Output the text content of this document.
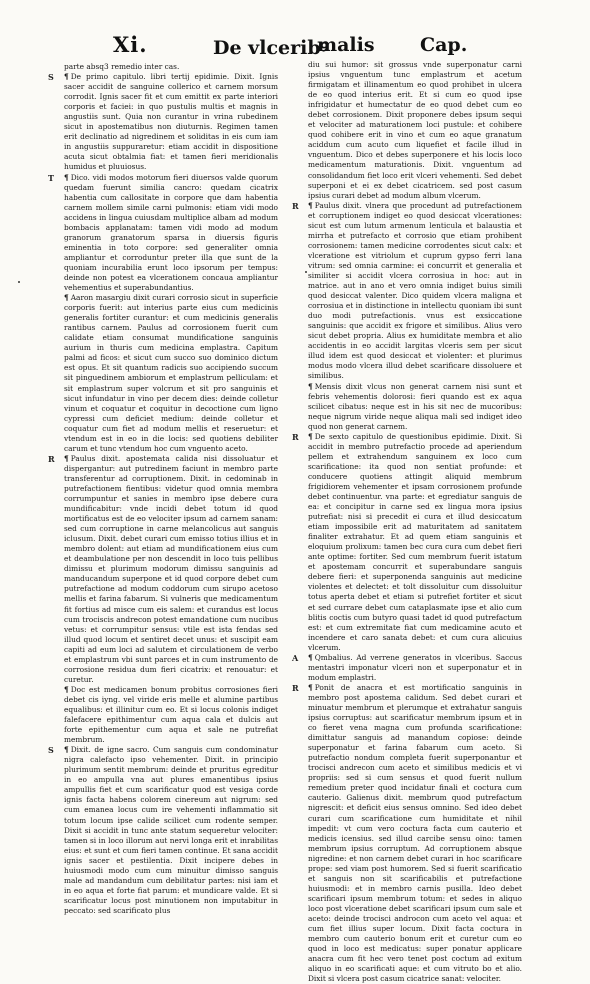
Xi.	De vlceribꝰ
malis Cap.

parte absq3 remedio inter cas.

S ¶ De primo capitulo. libri tertij epidimie. Dixit. Ignis sacer accidit de sanguine collerico et carnem morsum corrodit. Ignis sacer fit et cum emittit ex parte interiori corporis et faciei: in quo pustulis multis et magnis in angustiis sunt. Quia non curantur in vrina rubedinem sicut in apostematibus non diuturnis. Regimen tamen erit declinatio ad nigredinem et soliditas in eis cum iam in angustiis suppuraretur: etiam accidit in dispositione acuta sicut obtalmia fiat: et tamen fieri meridionalis humidus et pluuiosus.

T ¶ Dico. vidi modos motorum fieri diuersos valde quorum quedam fuerunt similia cancro: quedam cicatrix habentia cum callositate in corpore que dam habentia carnem mollem simile carni pulmonis: etiam vidi modo accidens in lingua cuiusdam multiplice albam ad modum bombacis applanatam: tamen vidi modo ad modum granorum granatorum sparsa in diuersis figuris eminentia in toto corpore: sed generaliter omnia ampliantur et corroduntur preter illa que sunt de la quoniam incurabilia erunt loco ipsorum per tempus: deinde non potest ea vlcerationem concaua ampliantur vehementius et superabundantius.

¶ Aaron masargiu dixit curari corrosio sicut in superficie corporis fuerit: aut interius parte eius cum medicinis generalis fortiter curantur: et cum medicinis generalis rantibus carnem. Paulus ad corrosionem fuerit cum calidate etiam consumat mundificatione sanguinis aurium in thuris cum medicina emplastra. Capitum palmi ad ficos: et sicut cum succo suo dominico dictum est opus. Et sit quantum radicis suo accipiendo succum sit pinguedinem ambiorum et emplastrum pelliculam: et sit emplastrum super volcrum et sit pro sanguinis et sicut infundatur in vino per decem dies: deinde colletur vinum et coquatur et coquitur in decoctione cum ligno cypressi cum deficiet medium: deinde colletur et coquatur cum fiet ad modum mellis et reseruetur: et vtendum est in eo in die locis: sed quotiens debiliter carum et tunc vtendum hoc cum vnguento aceto.

R ¶ Paulus dixit. apostemata calida nisi dissoluatur et dispergantur: aut putredinem faciunt in membro parte transferentur ad corruptionem. Dixit. in cedominab in putrefactionem fientibus: videtur quod omnia membra corrumpuntur et sanies in membro ipse debere cura mundificabitur: vnde incidi debet totum id quod mortificatus est de eo velociter ipsum ad carnem sanam: sed cum corruptione in carne melancolicus aut sanguis iclusum. Dixit. debet curari cum emisso totius illius et in membro dolent: aut etiam ad mundificationem eius cum et deambulatione per non descendit in loco tuis pellibus dimissu et plurimum modorum dimissu sanguinis ad manducandum superpone et id quod corpore debet cum putrefactione ad modum coddorum cum sirupo acetoso mellis et farina fabarum. Si vulneris que medicamentum fit fortius ad misce cum eis salem: et curandus est locus cum trociscis andrecon potest emandatione cum nucibus vetus: et corrumpitur sensus: vtile est ista fendas sed illud quod locum et sentiret decet unus: et suscipit eam capiti ad eum loci ad salutem et circulationem de verbo et emplastrum vbi sunt parces et in cum instrumento de corrosione residua dum fieri cicatrix: et renouatur: et curetur.

¶ Doc est medicamen bonum probitus corrosiones fieri debet cis iyng. vel viride eris melle et alumine partibus equalibus: et illinitur cum eo. Et si locus colonis indiget falefacere epithimentur cum aqua cala et dulcis aut forte epithementur cum aqua et sale ne putrefiat membrum.

S ¶ Dixit. de igne sacro. Cum sanguis cum condominatur nigra calefacto ipso vehementer. Dixit. in principio plurimum sentit membrum: deinde et pruritus egreditur in eo ampulla vna aut plures emanentibus ipsius ampullis fiet et cum scarificatur quod est vesiga corde ignis facta habens colorem cinereum aut nigrum: sed cum emanea locus cum ire vehementi inflammatio sit totum locum ipse calide scilicet cum rodente semper. Dixit si accidit in tunc ante statum sequeretur velociter: tamen si in loco illorum aut nervi longa erit et inrabilitas eius: et sunt et cum fieri tamen continue. Et sana accidit ignis sacer et pestilentia. Dixit incipere debes in huiusmodi modo cum cum minuitur dimisso sanguis male ad mandandum cum debilitatur partes: nisi iam et in eo aqua et forte fiat parum: et mundicare valde. Et si scarificatur locus post minutionem non imputabitur in peccato: sed scarificato plus

diu sui humor: sit grossus vnde superponatur carni ipsius vnguentum tunc emplastrum et acetum firmigatam et illinamentum eo quod prohibet in ulcera de eo quod interius erit. Et si cum eo quod ipse infrigidatur et humectatur de eo quod debet cum eo debet corrosionem. Dixit proponere debes ipsum sequi et velociter ad maturationem loci pustule: et cohibere quod cohibere erit in vino et cum eo aque granatum aciddum cum acuto cum liquefiet et facile illud in vnguentum. Dico et debes superponere et his locis loco medicamentum maturationis. Dixit. vnguentum ad consolidandum fiet loco erit vlceri vehementi. Sed debet superponi et ei ex debet cicatricem. sed post casum ipsius curari debet ad modum album vlcerum.

R ¶ Paulus dixit. vlnera que procedunt ad putrefactionem et corruptionem indiget eo quod desiccat vlcerationes: sicut est cum lutum armenum lenticula et balaustia et mirrha et putrefacto et corrosio que etiam prohibent corrosionem: tamen medicine corrodentes sicut calx: et vlceratione est vitriolum et cuprum gypso ferri lana vitrum: sed omnia carmine: ei concurrit et generalia et similiter si accidit vlcera corrosiua in hoc: aut in matrice. aut in ano et vero omnia indiget buius simili quod desiccat valenter. Dico quidem vlcera maligna et corrosiua et in distinctione in intellectu quoniam ibi sunt duo modi putrefactionis. vnus est exsiccatione sanguinis: que accidit ex frigore et similibus. Alius vero sicut debet propria. Alius ex humiditate membra et alio accidentis in eo accidit largitas vlceris sem per sicut illud idem est quod desiccat et violenter: et plurimus modus modo vlcera illud debet scarificare dissoluere et similibus.

¶ Mensis dixit vlcus non generat carnem nisi sunt et febris vehementis dolorosi: fieri quando est ex aqua scilicet cibatus: neque est in his sit nec de mucoribus: neque nigrum viride neque aliqua mali sed indiget ideo quod non generat carnem.

R ¶ De sexto capitulo de questionibus epidimie. Dixit. Si accidit in membro putrefactio procede ad aperiendum pellem et extrahendum sanguinem ex loco cum scarificatione: ita quod non sentiat profunde: et conducere quotiens attingit aliquid membrum frigidiorem vehementer et ipsam corrosionem profunde debet continuentur. vna parte: et egrediatur sanguis de ea: et concipitur in carne sed ex lingua mora ipsius putrefiat: nisi si precedit ei cura et illud desiccatum etiam impossibile erit ad maturitatem ad sanitatem finaliter extrahatur. Et ad quem etiam sanguinis et eloquium prolixum: tamen bec cura cura cum debet fieri ante optime: fortiter. Sed cum membrum fuerit istatum et apostemam concurrit et superabundare sanguis debere fieri: et superponenda sanguinis aut medicine violentes et delectet: et tolt dissoluitur cum dissoluitur totus aperta debet et etiam si putrefiet fortiter et sicut et sed currare debet cum cataplasmate ipse et alio cum blitis coctis cum butyro quasi tadet id quod putrefactum est: et cum extremitate fiat cum medicamine acuto et incendere et caro sanata debet: et cum cura alicuius vlcerum.

A ¶ Qmbalius. Ad verrene generatos in vlceribus. Saccus mentastri imponatur vlceri non et superponatur et in modum emplastri.

R ¶ Ponit de anacra et est mortificatio sanguinis in membro post apostema calidum. Sed debet curari et minuatur membrum et plerumque et extrahatur sanguis ipsius corruptus: aut scarificatur membrum ipsum et in co fieret vena magna cum profunda scarificatione: dimittatur sanguis ad manandum copiose: deinde superponatur et farina fabarum cum aceto. Si putrefactio nondum completa fuerit superponantur et trocisci andrecon cum aceto et similibus medicis et vi propriis: sed si cum sensus et quod fuerit nullum remedium preter quod incidatur finali et coctura cum cauterio. Galienus dixit. membrum quod putrefactum nigrescit: et deficit eius sensus omnino. Sed ideo debet curari cum scarificatione cum humiditate et nihil impedit: vt cum vero coctura facta cum cauterio et medicis icensius. sed illud carcibe sensu oino: tamen membrum ipsius corruptum. Ad corruptionem absque nigredine: et non carnem debet curari in hoc scarificare prope: sed viam post humorem. Sed si fuerit scarificatio et sanguis non sit scarificabilis et putrefactione huiusmodi: et in membro carnis pusilla. Ideo debet scarificari ipsum membrum totum: et sedes in aliquo loco post vlceratione debet scarificari ipsum cum sale et aceto: deinde trocisci androcon cum aceto vel aqua: et cum fiet illius super locum. Dixit facta coctura in membro cum cauterio bonum erit et curetur cum eo quod in loco est medicatus: super ponatur applicare anacra cum fit hec vero tenet post coctum ad exitum aliquo in eo scarificati aque: et cum vitruto bo et alio. Dixit si vlcera post casum cicatrice sanat: velociter.
